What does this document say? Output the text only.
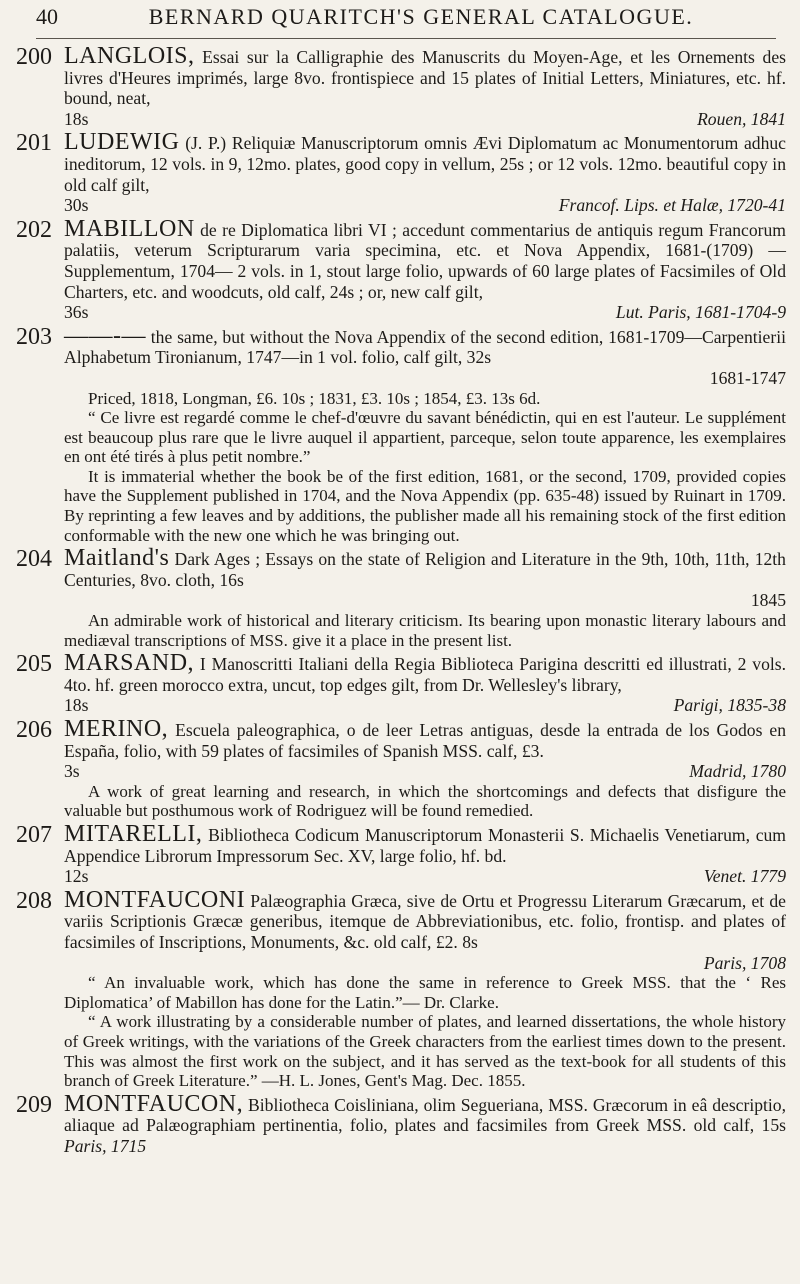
40	BERNARD QUARITCH'S GENERAL CATALOGUE.
200 LANGLOIS, Essai sur la Calligraphie des Manuscrits du Moyen-Age, et les Ornements des livres d'Heures imprimés, large 8vo. frontispiece and 15 plates of Initial Letters, Miniatures, etc. hf. bound, neat,
18s	Rouen, 1841
201 LUDEWIG (J. P.) Reliquiæ Manuscriptorum omnis Ævi Diplomatum ac Monumentorum adhuc ineditorum, 12 vols. in 9, 12mo. plates, good copy in vellum, 25s ; or 12 vols. 12mo. beautiful copy in old calf gilt,
30s	Francof. Lips. et Halæ, 1720-41
202 MABILLON de re Diplomatica libri VI ; accedunt commentarius de antiquis regum Francorum palatiis, veterum Scripturarum varia specimina, etc. et Nova Appendix, 1681-(1709) —Supplementum, 1704— 2 vols. in 1, stout large folio, upwards of 60 large plates of Facsimiles of Old Charters, etc. and woodcuts, old calf, 24s ; or, new calf gilt,
36s	Lut. Paris, 1681-1704-9
203 ——-— the same, but without the Nova Appendix of the second edition, 1681-1709—Carpentierii Alphabetum Tironianum, 1747—in 1 vol. folio, calf gilt, 32s
1681-1747
Priced, 1818, Longman, £6. 10s ; 1831, £3. 10s ; 1854, £3. 13s 6d.
“ Ce livre est regardé comme le chef-d'œuvre du savant bénédictin, qui en est l'auteur. Le supplément est beaucoup plus rare que le livre auquel il appartient, parceque, selon toute apparence, les exemplaires en ont été tirés à plus petit nombre.”
It is immaterial whether the book be of the first edition, 1681, or the second, 1709, provided copies have the Supplement published in 1704, and the Nova Appendix (pp. 635-48) issued by Ruinart in 1709. By reprinting a few leaves and by additions, the publisher made all his remaining stock of the first edition conformable with the new one which he was bringing out.
204 Maitland's Dark Ages ; Essays on the state of Religion and Literature in the 9th, 10th, 11th, 12th Centuries, 8vo. cloth, 16s
1845
An admirable work of historical and literary criticism. Its bearing upon monastic literary labours and mediæval transcriptions of MSS. give it a place in the present list.
205 MARSAND, I Manoscritti Italiani della Regia Biblioteca Parigina descritti ed illustrati, 2 vols. 4to. hf. green morocco extra, uncut, top edges gilt, from Dr. Wellesley's library,
18s	Parigi, 1835-38
206 MERINO, Escuela paleographica, o de leer Letras antiguas, desde la entrada de los Godos en España, folio, with 59 plates of facsimiles of Spanish MSS. calf, £3.
3s	Madrid, 1780
A work of great learning and research, in which the shortcomings and defects that disfigure the valuable but posthumous work of Rodriguez will be found remedied.
207 MITARELLI, Bibliotheca Codicum Manuscriptorum Monasterii S. Michaelis Venetiarum, cum Appendice Librorum Impressorum Sec. XV, large folio, hf. bd.
12s	Venet. 1779
208 MONTFAUCONI Palæographia Græca, sive de Ortu et Progressu Literarum Græcarum, et de variis Scriptionis Græcæ generibus, itemque de Abbreviationibus, etc. folio, frontisp. and plates of facsimiles of Inscriptions, Monuments, &c. old calf, £2. 8s
Paris, 1708
“ An invaluable work, which has done the same in reference to Greek MSS. that the ‘ Res Diplomatica’ of Mabillon has done for the Latin.”— Dr. Clarke.
“ A work illustrating by a considerable number of plates, and learned dissertations, the whole history of Greek writings, with the variations of the Greek characters from the earliest times down to the present. This was almost the first work on the subject, and it has served as the text-book for all students of this branch of Greek Literature.” —H. L. Jones, Gent's Mag. Dec. 1855.
209 MONTFAUCON, Bibliotheca Coisliniana, olim Segueriana, MSS. Græcorum in eâ descriptio, aliaque ad Palæographiam pertinentia, folio, plates and facsimiles from Greek MSS. old calf, 15s Paris, 1715
